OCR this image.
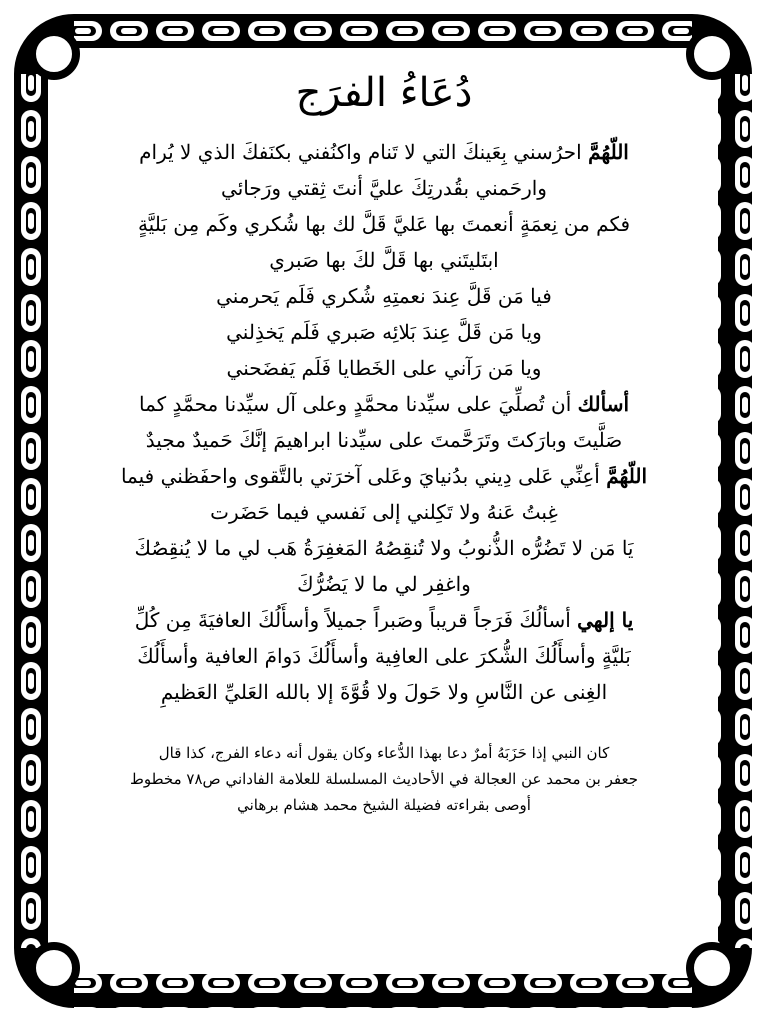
دُعَاءُ الفرَج
اللّهُمَّ احرُسني بِعَينكَ التي لا تَنام واكنُفني بكنَفكَ الذي لا يُرام
وارحَمني بقُدرتِكَ عليَّ أنتَ ثِقتي ورَجائي
فكم من نِعمَةٍ أنعمتَ بها عَليَّ قَلَّ لك بها شُكري وكَم مِن بَليَّةٍ
ابتَليتَني بها قَلَّ لكَ بها صَبري
فيا مَن قَلَّ عِندَ نعمتِهِ شُكري فَلَم يَحرمني
ويا مَن قَلَّ عِندَ بَلائِه صَبري فَلَم يَخذِلني
ويا مَن رَآني على الخَطايا فَلَم يَفضَحني
أسألك أن تُصلِّيَ على سيِّدنا محمَّدٍ وعلى آل سيِّدنا محمَّدٍ كما
صَلَّيتَ وبارَكتَ وتَرَحَّمتَ على سيِّدنا ابراهيمَ إنَّكَ حَميدٌ مجيدٌ
اللّهُمَّ أعِنِّي عَلى دِيني بدُنيايَ وعَلى آخرَتي بالتَّقوى واحفَظني فيما
غِبتُ عَنهُ ولا تَكِلني إلى نَفسي فيما حَضَرت
يَا مَن لا تَضُرُّه الذُّنوبُ ولا تُنقِصُهُ المَغفِرَةُ هَب لي ما لا يُنقِصُكَ
واغفِر لي ما لا يَضُرُّكَ
يا إلهي أسألُكَ فَرَجاً قريباً وصَبراً جميلاً وأسأَلُكَ العافيَةَ مِن كُلِّ
بَليَّةٍ وأسأَلُكَ الشُّكرَ على العافِية وأسأَلُكَ دَوامَ العافية وأسأَلُكَ
الغِنى عن النَّاسِ ولا حَولَ ولا قُوَّةَ إلا بالله العَليِّ العَظيمِ
كان النبي إذا حَزَبَهُ أمرٌ دعا بهذا الدُّعاء وكان يقول أنه دعاء الفرج، كذا قال
جعفر بن محمد عن العجالة في الأحاديث المسلسلة للعلامة الفاداني ص٧٨ مخطوط
أوصى بقراءته فضيلة الشيخ محمد هشام برهاني
